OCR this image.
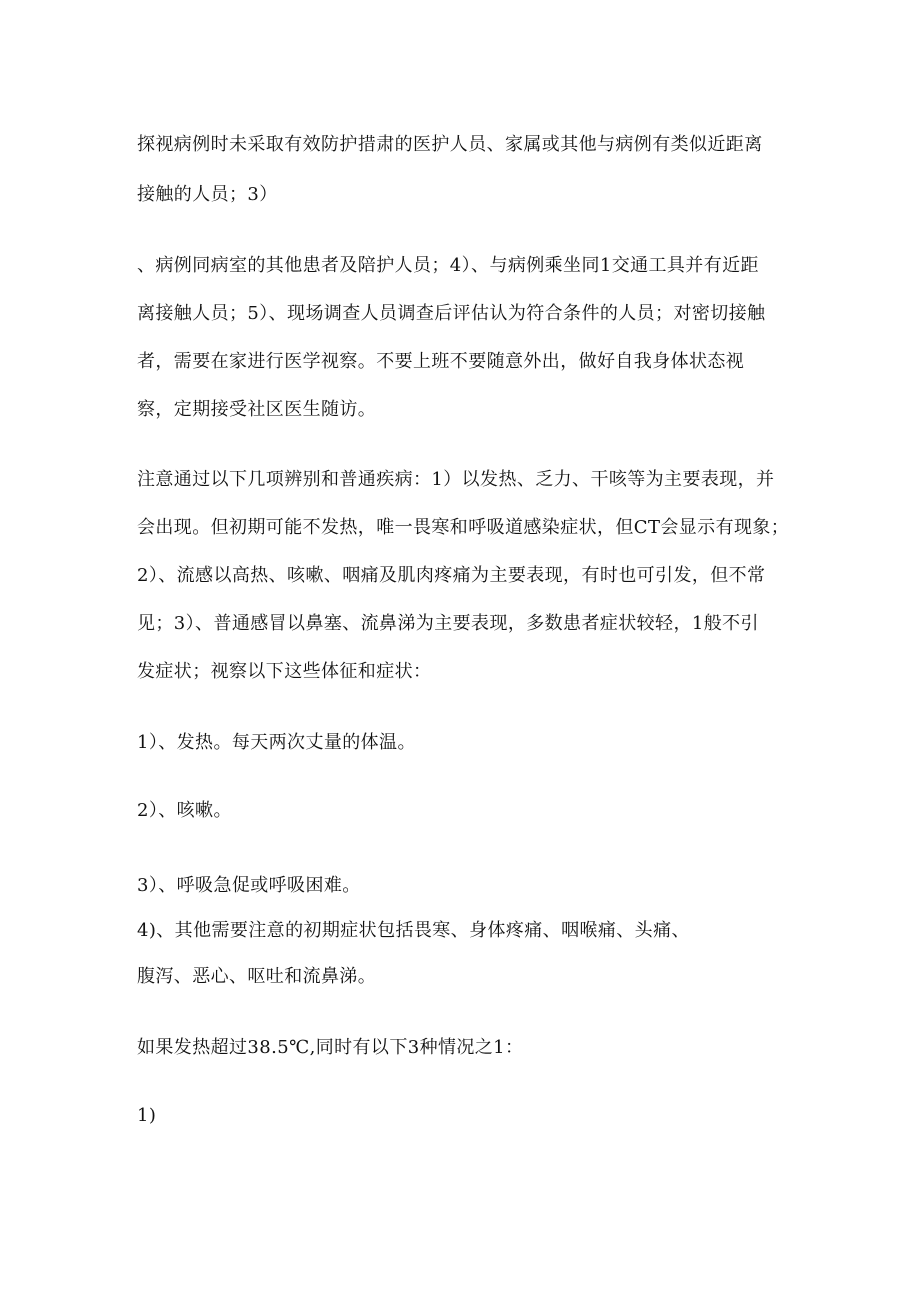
探视病例时未采取有效防护措肃的医护人员、家属或其他与病例有类似近距离
接触的人员；3）
、病例同病室的其他患者及陪护人员；4）、与病例乘坐同1交通工具并有近距
离接触人员；5）、现场调查人员调查后评估认为符合条件的人员；对密切接触
者，需要在家进行医学视察。不要上班不要随意外出，做好自我身体状态视
察，定期接受社区医生随访。
注意通过以下几项辨别和普通疾病：1）以发热、乏力、干咳等为主要表现，并
会出现。但初期可能不发热，唯一畏寒和呼吸道感染症状，但CT会显示有现象；
2）、流感以高热、咳嗽、咽痛及肌肉疼痛为主要表现，有时也可引发，但不常
见；3）、普通感冒以鼻塞、流鼻涕为主要表现，多数患者症状较轻，1般不引
发症状；视察以下这些体征和症状：
1）、发热。每天两次丈量的体温。
2）、咳嗽。
3）、呼吸急促或呼吸困难。
4)、其他需要注意的初期症状包括畏寒、身体疼痛、咽喉痛、头痛、
腹泻、恶心、呕吐和流鼻涕。
如果发热超过38.5℃,同时有以下3种情况之1：
1)
